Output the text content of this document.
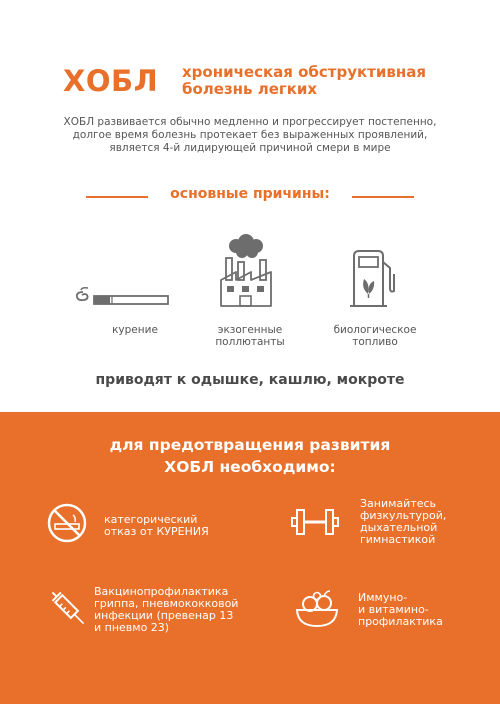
ХОБЛ хроническая обструктивная
болезнь легких
ХОБЛ развивается обычно медленно и прогрессирует постепенно,
долгое время болезнь протекает без выраженных проявлений,
является 4-й лидирующей причиной смери в мире
основные причины:
курение	экзогенные
поллютанты
биологическое
топливо
приводят к одышке, кашлю, мокроте
для предотвращения развития
ХОБЛ необходимо:
категорический
отказ от КУРЕНИЯ
Занимайтесь
физкультурой,
дыхательной
гимнастикой
Вакцинопрофилактика
гриппа, пневмококковой
инфекции (превенар 13
и пневмо 23)
Иммуно-
и витамино-
профилактика
